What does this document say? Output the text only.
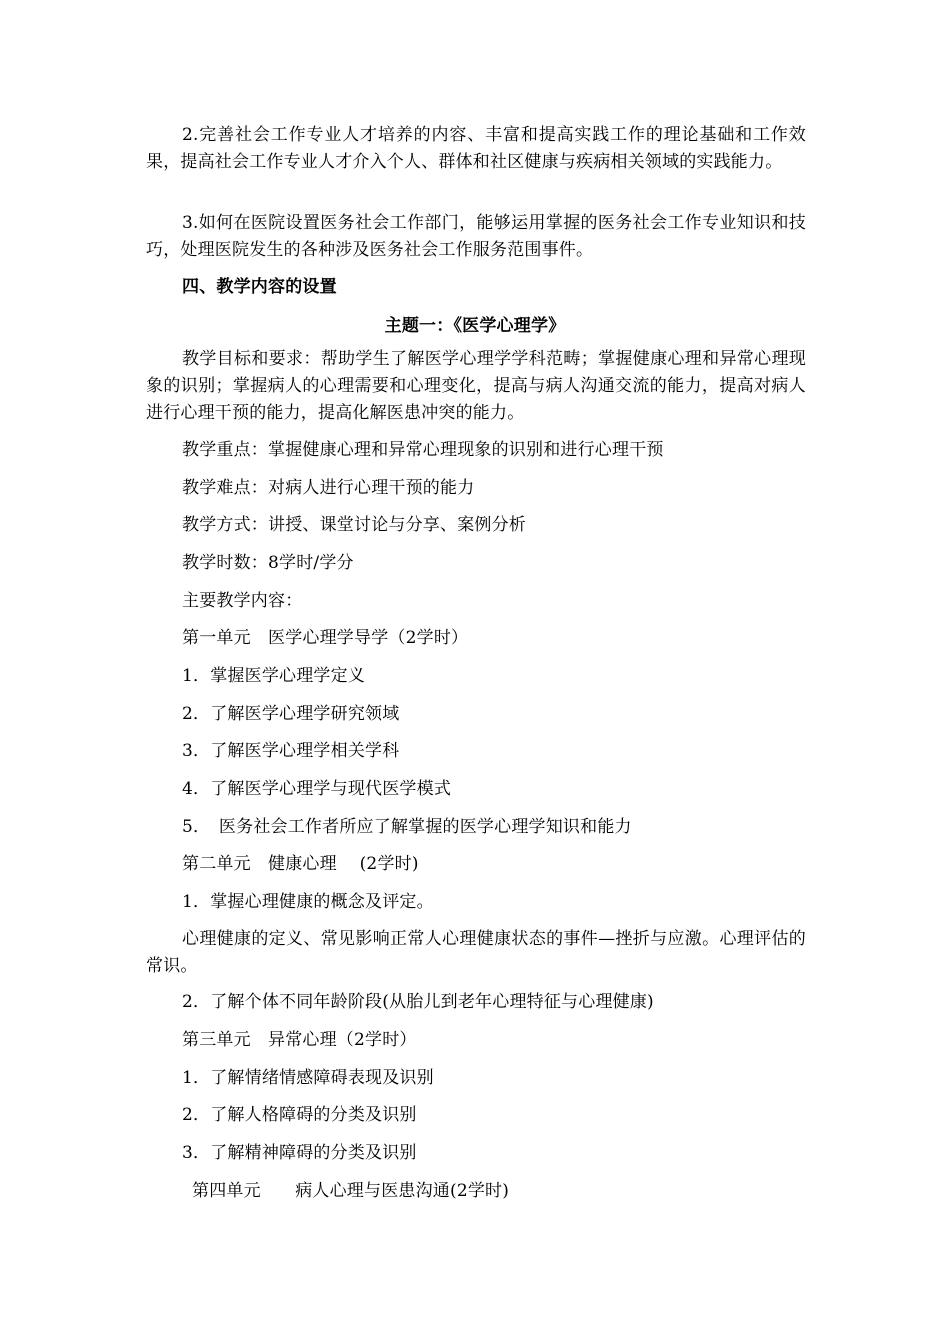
2.完善社会工作专业人才培养的内容、丰富和提高实践工作的理论基础和工作效果，提高社会工作专业人才介入个人、群体和社区健康与疾病相关领域的实践能力。
3.如何在医院设置医务社会工作部门，能够运用掌握的医务社会工作专业知识和技巧，处理医院发生的各种涉及医务社会工作服务范围事件。
四、教学内容的设置
主题一：《医学心理学》
教学目标和要求：帮助学生了解医学心理学学科范畴；掌握健康心理和异常心理现象的识别；掌握病人的心理需要和心理变化，提高与病人沟通交流的能力，提高对病人进行心理干预的能力，提高化解医患冲突的能力。
教学重点：掌握健康心理和异常心理现象的识别和进行心理干预
教学难点：对病人进行心理干预的能力
教学方式：讲授、课堂讨论与分享、案例分析
教学时数：8学时/学分
主要教学内容：
第一单元　医学心理学导学（2学时）
1．掌握医学心理学定义
2．了解医学心理学研究领域
3．了解医学心理学相关学科
4．了解医学心理学与现代医学模式
5．　医务社会工作者所应了解掌握的医学心理学知识和能力
第二单元　健康心理　 (2学时)
1．掌握心理健康的概念及评定。
心理健康的定义、常见影响正常人心理健康状态的事件—挫折与应激。心理评估的常识。
2．了解个体不同年龄阶段(从胎儿到老年心理特征与心理健康)
第三单元　异常心理（2学时）
1．了解情绪情感障碍表现及识别
2．了解人格障碍的分类及识别
3．了解精神障碍的分类及识别
第四单元　　病人心理与医患沟通(2学时)
